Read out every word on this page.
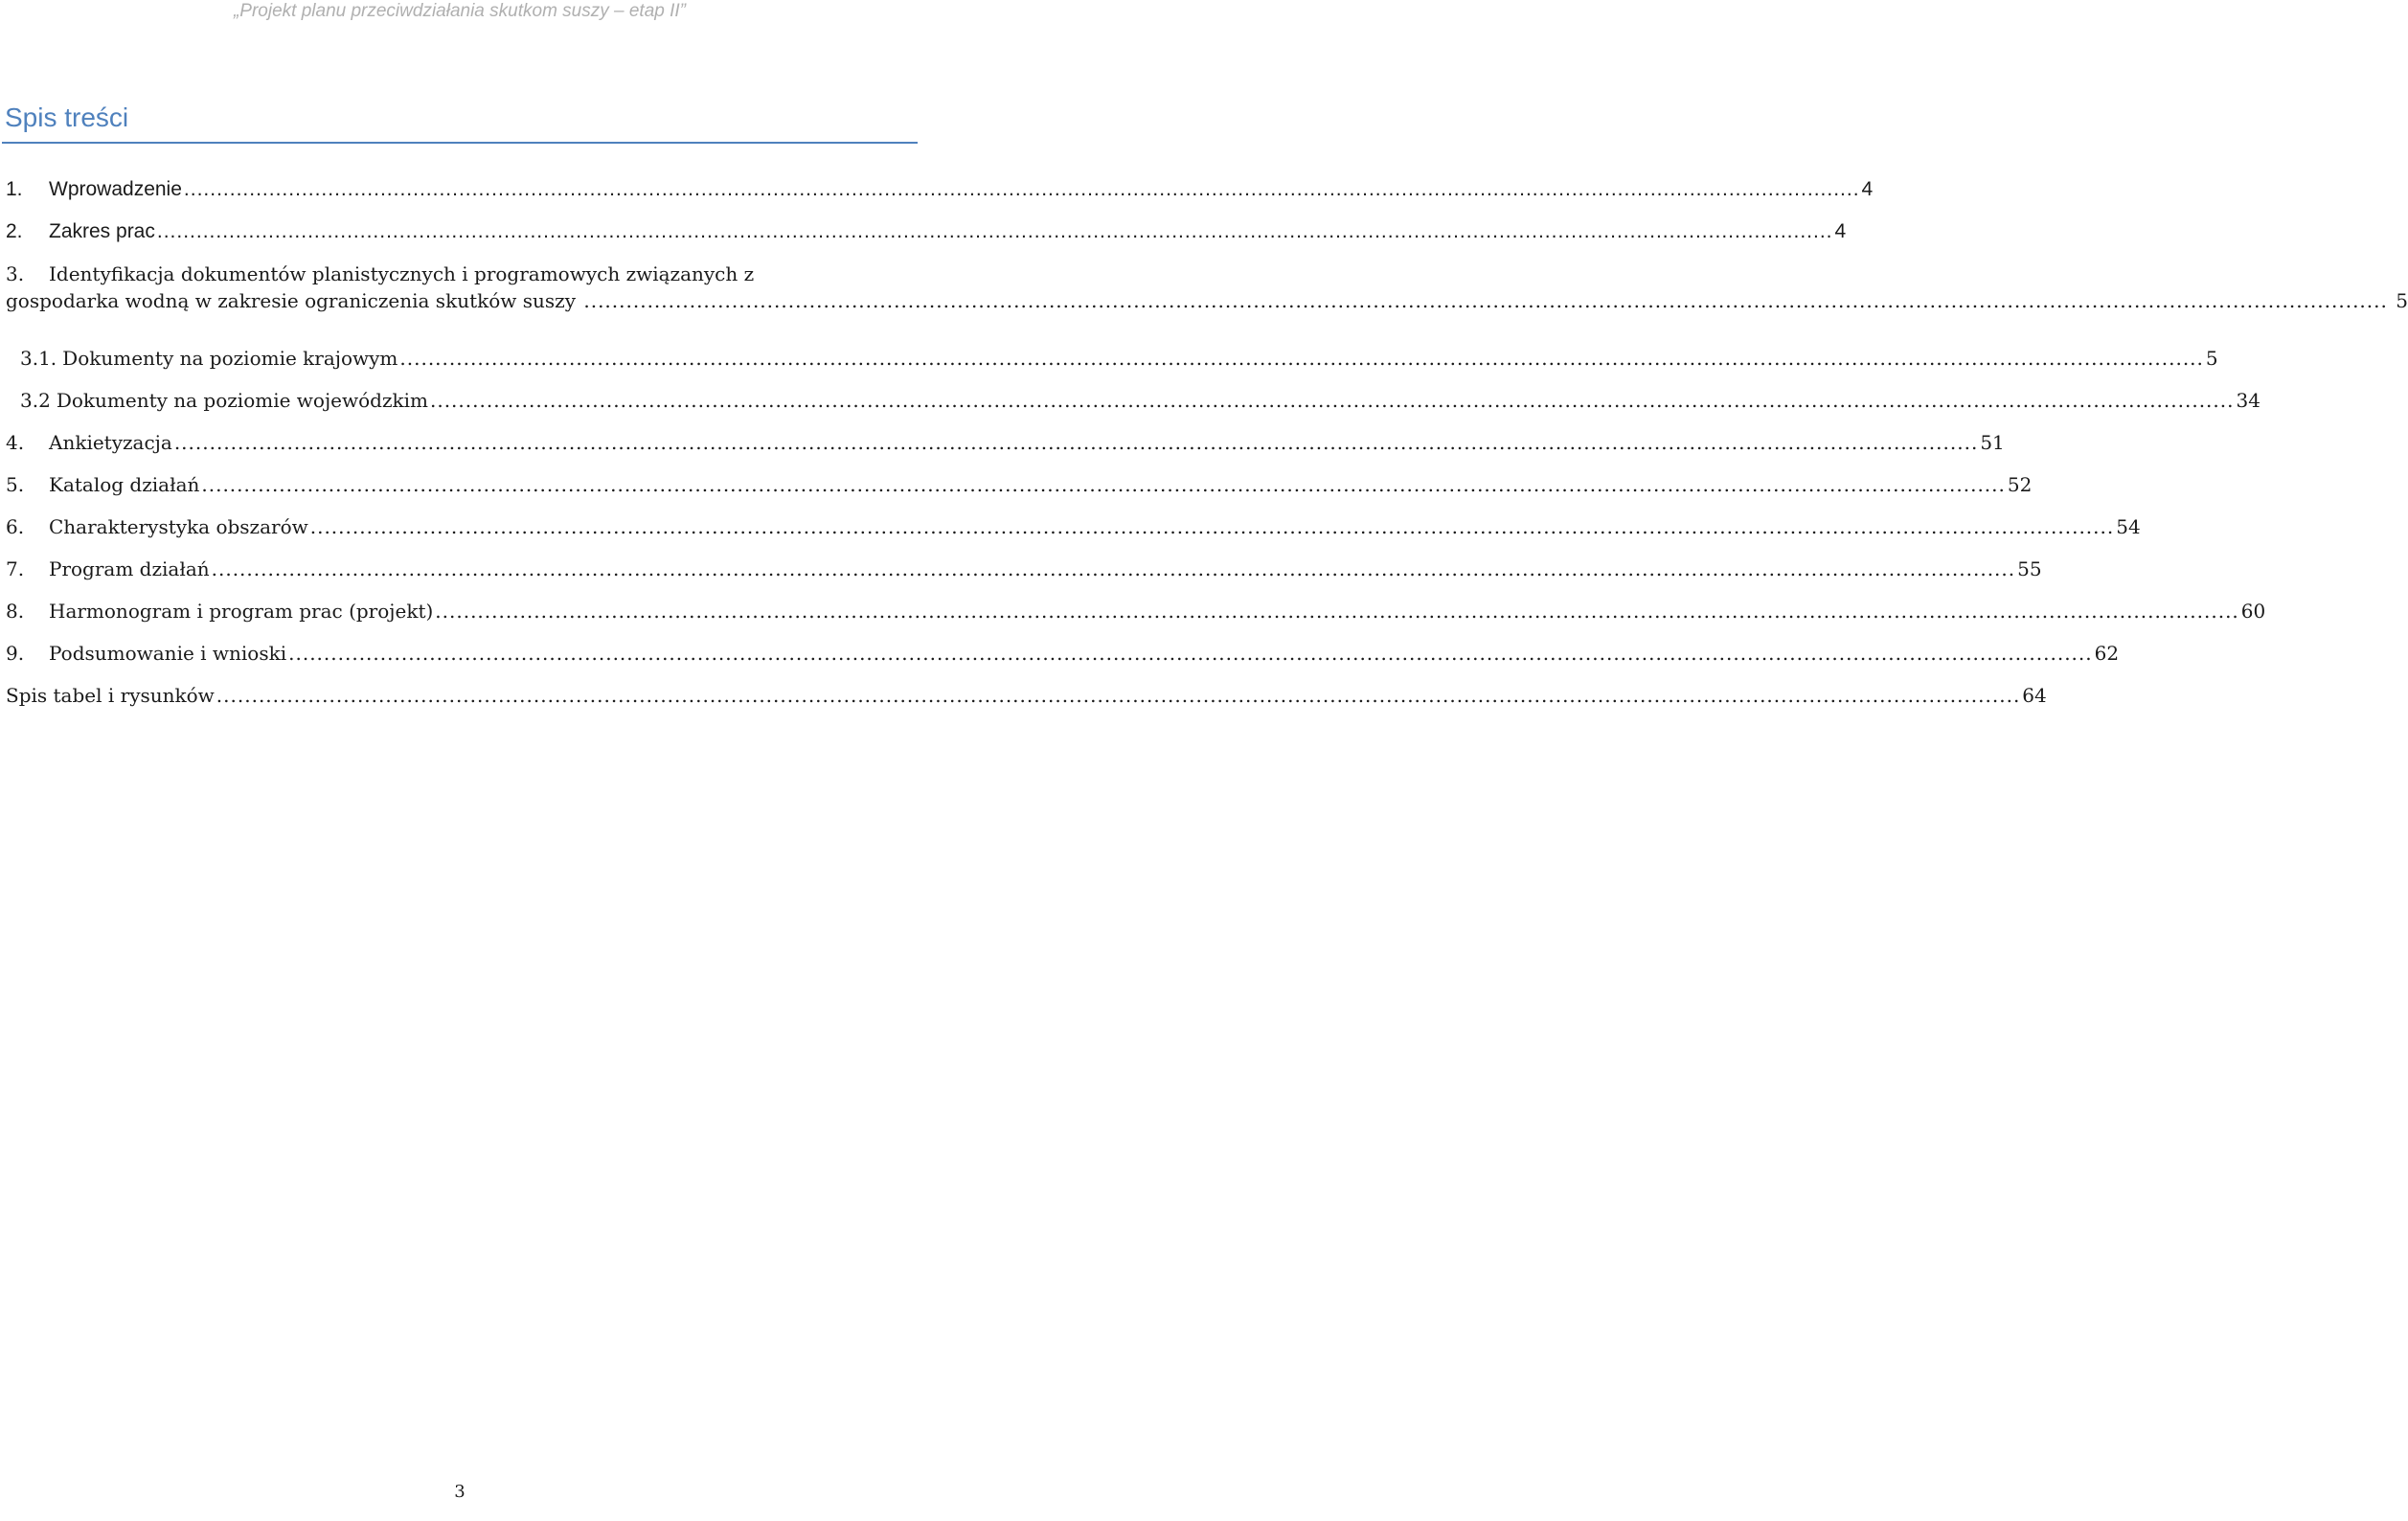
„Projekt planu przeciwdziałania skutkom suszy – etap II”
Spis treści
1.	Wprowadzenie .....	4
2.	Zakres prac .....	4
3.	Identyfikacja dokumentów planistycznych i programowych związanych z
gospodarka wodną w zakresie ograniczenia skutków suszy .....	5
3.1. Dokumenty na poziomie krajowym .....	5
3.2 Dokumenty na poziomie wojewódzkim .....	34
4.	Ankietyzacja .....	51
5.	Katalog działań .....	52
6.	Charakterystyka obszarów .....	54
7.	Program działań .....	55
8.	Harmonogram i program prac (projekt) .....	60
9.	Podsumowanie i wnioski .....	62
Spis tabel i rysunków .....	64
3
